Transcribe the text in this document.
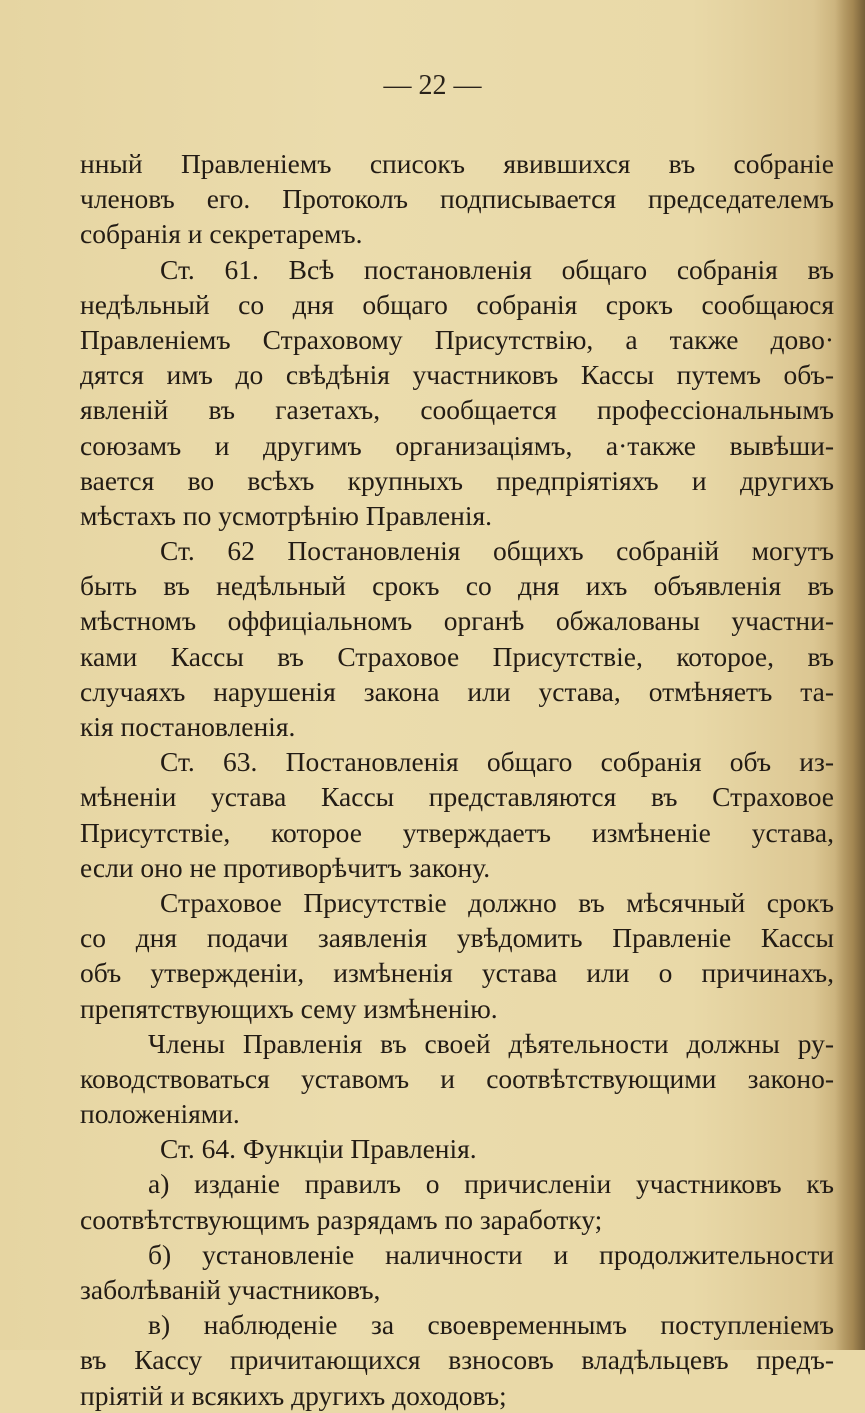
— 22 —
нный Правленіемъ списокъ явившихся въ собраніе
членовъ его. Протоколъ подписывается председателемъ
собранія и секретаремъ.
Ст. 61. Всѣ постановленія общаго собранія въ
недѣльный со дня общаго собранія срокъ сообщаюся
Правленіемъ Страховому Присутствію, а также дово·
дятся имъ до свѣдѣнія участниковъ Кассы путемъ объ-
явленій въ газетахъ, сообщается профессіональнымъ
союзамъ и другимъ организаціямъ, а·также вывѣши-
вается во всѣхъ крупныхъ предпріятіяхъ и другихъ
мѣстахъ по усмотрѣнію Правленія.
Ст. 62 Постановленія общихъ собраній могутъ
быть въ недѣльный срокъ со дня ихъ объявленія въ
мѣстномъ оффиціальномъ органѣ обжалованы участни-
ками Кассы въ Страховое Присутствіе, которое, въ
случаяхъ нарушенія закона или устава, отмѣняетъ та-
кія постановленія.
Ст. 63. Постановленія общаго собранія объ из-
мѣненіи устава Кассы представляются въ Страховое
Присутствіе, которое утверждаетъ измѣненіе устава,
если оно не противорѣчитъ закону.
Страховое Присутствіе должно въ мѣсячный срокъ
со дня подачи заявленія увѣдомить Правленіе Кассы
объ утвержденіи, измѣненія устава или о причинахъ,
препятствующихъ сему измѣненію.
Члены Правленія въ своей дѣятельности должны ру-
ководствоваться уставомъ и соотвѣтствующими законо-
положеніями.
Ст. 64. Функціи Правленія.
а) изданіе правилъ о причисленіи участниковъ къ
соотвѣтствующимъ разрядамъ по заработку;
б) установленіе наличности и продолжительности
заболѣваній участниковъ,
в) наблюденіе за своевременнымъ поступленіемъ
въ Кассу причитающихся взносовъ владѣльцевъ предъ-
пріятій и всякихъ другихъ доходовъ;
